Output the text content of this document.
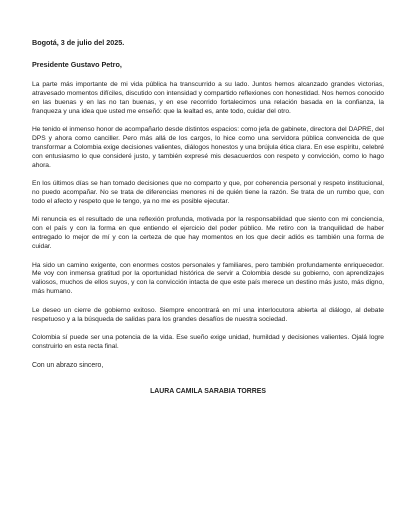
Bogotá, 3 de julio del 2025.

Presidente Gustavo Petro,

La parte más importante de mi vida pública ha transcurrido a su lado. Juntos hemos alcanzado grandes victorias, atravesado momentos difíciles, discutido con intensidad y compartido reflexiones con honestidad. Nos hemos conocido en las buenas y en las no tan buenas, y en ese recorrido fortalecimos una relación basada en la confianza, la franqueza y una idea que usted me enseñó: que la lealtad es, ante todo, cuidar del otro.

He tenido el inmenso honor de acompañarlo desde distintos espacios: como jefa de gabinete, directora del DAPRE, del DPS y ahora como canciller. Pero más allá de los cargos, lo hice como una servidora pública convencida de que transformar a Colombia exige decisiones valientes, diálogos honestos y una brújula ética clara. En ese espíritu, celebré con entusiasmo lo que consideré justo, y también expresé mis desacuerdos con respeto y convicción, como lo hago ahora.

En los últimos días se han tomado decisiones que no comparto y que, por coherencia personal y respeto institucional, no puedo acompañar. No se trata de diferencias menores ni de quién tiene la razón. Se trata de un rumbo que, con todo el afecto y respeto que le tengo, ya no me es posible ejecutar.

Mi renuncia es el resultado de una reflexión profunda, motivada por la responsabilidad que siento con mi conciencia, con el país y con la forma en que entiendo el ejercicio del poder público. Me retiro con la tranquilidad de haber entregado lo mejor de mí y con la certeza de que hay momentos en los que decir adiós es también una forma de cuidar.

Ha sido un camino exigente, con enormes costos personales y familiares, pero también profundamente enriquecedor. Me voy con inmensa gratitud por la oportunidad histórica de servir a Colombia desde su gobierno, con aprendizajes valiosos, muchos de ellos suyos, y con la convicción intacta de que este país merece un destino más justo, más digno, más humano.

Le deseo un cierre de gobierno exitoso. Siempre encontrará en mí una interlocutora abierta al diálogo, al debate respetuoso y a la búsqueda de salidas para los grandes desafíos de nuestra sociedad.

Colombia sí puede ser una potencia de la vida. Ese sueño exige unidad, humildad y decisiones valientes. Ojalá logre construirlo en esta recta final.

Con un abrazo sincero,

LAURA CAMILA SARABIA TORRES
